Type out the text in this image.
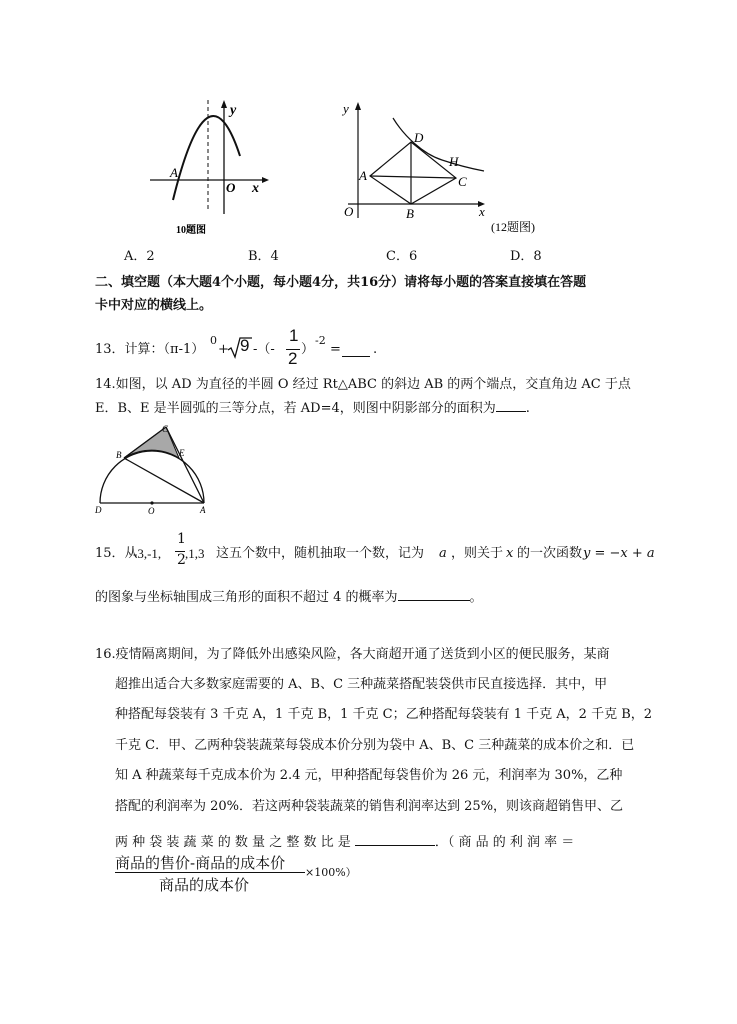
y
A
O x
10题图
y
D
H
A	C
O	B	x
(12题图)
A．2	B．4	C．6	D．8
二、填空题（本大题4个小题，每小题4分，共16分）请将每小题的答案直接填在答题
卡中对应的横线上。
13．计算：（π-1）
0
+ 9 -（-
1
2 ）
-2
= .
14.如图，以 AD 为直径的半圆 O 经过 Rt△ABC 的斜边 AB 的两个端点，交直角边 AC 于点
E．B、E 是半圆弧的三等分点，若 AD=4，则图中阴影部分的面积为 .
C
B	E
D	O	A
15．从
-3,-1,
1
2 ,1,3 这五个数中，随机抽取一个数，记为 a ，则关于 x 的一次函数 y = −x + a
的图象与坐标轴围成三角形的面积不超过 4 的概率为	。
16.疫情隔离期间，为了降低外出感染风险，各大商超开通了送货到小区的便民服务，某商
超推出适合大多数家庭需要的 A、B、C 三种蔬菜搭配装袋供市民直接选择．其中，甲
种搭配每袋装有 3 千克 A，1 千克 B，1 千克 C；乙种搭配每袋装有 1 千克 A，2 千克 B，2
千克 C．甲、乙两种袋装蔬菜每袋成本价分别为袋中 A、B、C 三种蔬菜的成本价之和．已
知 A 种蔬菜每千克成本价为 2.4 元，甲种搭配每袋售价为 26 元，利润率为 30%，乙种
搭配的利润率为 20%．若这两种袋装蔬菜的销售利润率达到 25%，则该商超销售甲、乙
两 种 袋 装 蔬 菜 的 数 量 之 整 数 比 是	．（ 商 品 的 利 润 率 ＝
商品的售价-商品的成本价
商品的成本价
×100%）
